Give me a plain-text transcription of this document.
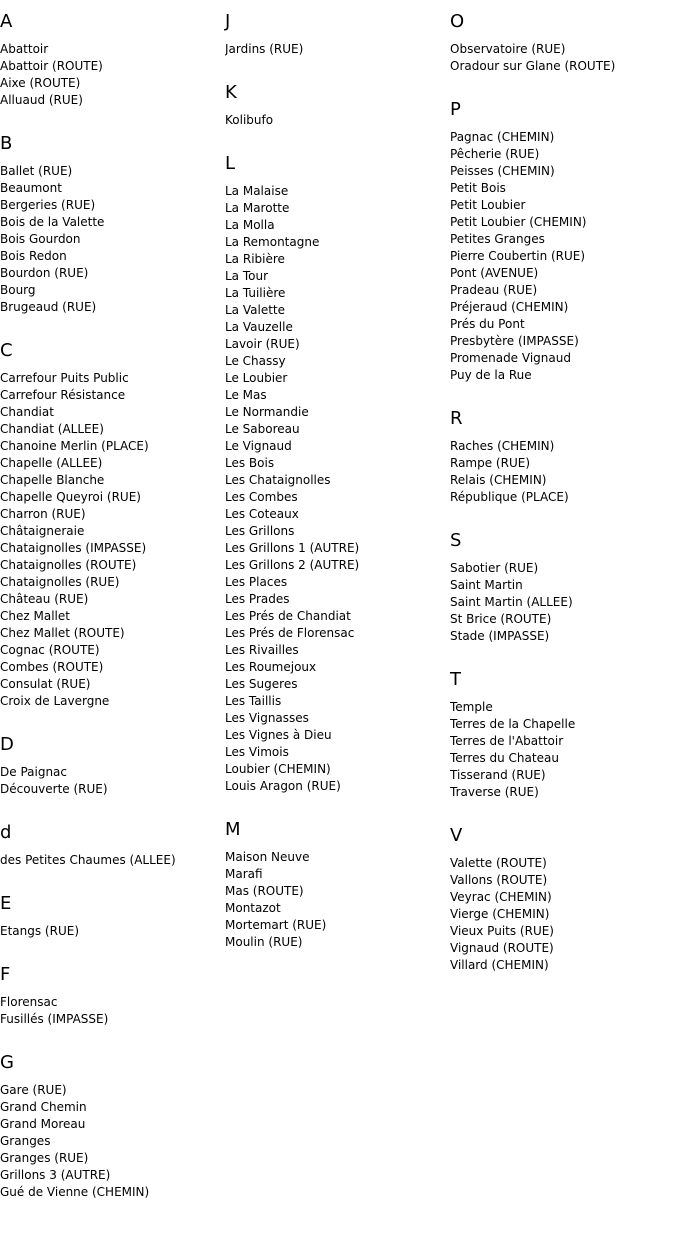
A
Abattoir
Abattoir (ROUTE)
Aixe (ROUTE)
Alluaud (RUE)
B
Ballet (RUE)
Beaumont
Bergeries (RUE)
Bois de la Valette
Bois Gourdon
Bois Redon
Bourdon (RUE)
Bourg
Brugeaud (RUE)
C
Carrefour Puits Public
Carrefour Résistance
Chandiat
Chandiat (ALLEE)
Chanoine Merlin (PLACE)
Chapelle (ALLEE)
Chapelle Blanche
Chapelle Queyroi (RUE)
Charron (RUE)
Châtaigneraie
Chataignolles (IMPASSE)
Chataignolles (ROUTE)
Chataignolles (RUE)
Château (RUE)
Chez Mallet
Chez Mallet (ROUTE)
Cognac (ROUTE)
Combes (ROUTE)
Consulat (RUE)
Croix de Lavergne
D
De Paignac
Découverte (RUE)
d
des Petites Chaumes (ALLEE)
E
Etangs (RUE)
F
Florensac
Fusillés (IMPASSE)
G
Gare (RUE)
Grand Chemin
Grand Moreau
Granges
Granges (RUE)
Grillons 3 (AUTRE)
Gué de Vienne (CHEMIN)
J
Jardins (RUE)
K
Kolibufo
L
La Malaise
La Marotte
La Molla
La Remontagne
La Ribière
La Tour
La Tuilière
La Valette
La Vauzelle
Lavoir (RUE)
Le Chassy
Le Loubier
Le Mas
Le Normandie
Le Saboreau
Le Vignaud
Les Bois
Les Chataignolles
Les Combes
Les Coteaux
Les Grillons
Les Grillons 1 (AUTRE)
Les Grillons 2 (AUTRE)
Les Places
Les Prades
Les Prés de Chandiat
Les Prés de Florensac
Les Rivailles
Les Roumejoux
Les Sugeres
Les Taillis
Les Vignasses
Les Vignes à Dieu
Les Vimois
Loubier (CHEMIN)
Louis Aragon (RUE)
M
Maison Neuve
Marafi
Mas (ROUTE)
Montazot
Mortemart (RUE)
Moulin (RUE)
O
Observatoire (RUE)
Oradour sur Glane (ROUTE)
P
Pagnac (CHEMIN)
Pêcherie (RUE)
Peisses (CHEMIN)
Petit Bois
Petit Loubier
Petit Loubier (CHEMIN)
Petites Granges
Pierre Coubertin (RUE)
Pont (AVENUE)
Pradeau (RUE)
Préjeraud (CHEMIN)
Prés du Pont
Presbytère (IMPASSE)
Promenade Vignaud
Puy de la Rue
R
Raches (CHEMIN)
Rampe (RUE)
Relais (CHEMIN)
République (PLACE)
S
Sabotier (RUE)
Saint Martin
Saint Martin (ALLEE)
St Brice (ROUTE)
Stade (IMPASSE)
T
Temple
Terres de la Chapelle
Terres de l'Abattoir
Terres du Chateau
Tisserand (RUE)
Traverse (RUE)
V
Valette (ROUTE)
Vallons (ROUTE)
Veyrac (CHEMIN)
Vierge (CHEMIN)
Vieux Puits (RUE)
Vignaud (ROUTE)
Villard (CHEMIN)
